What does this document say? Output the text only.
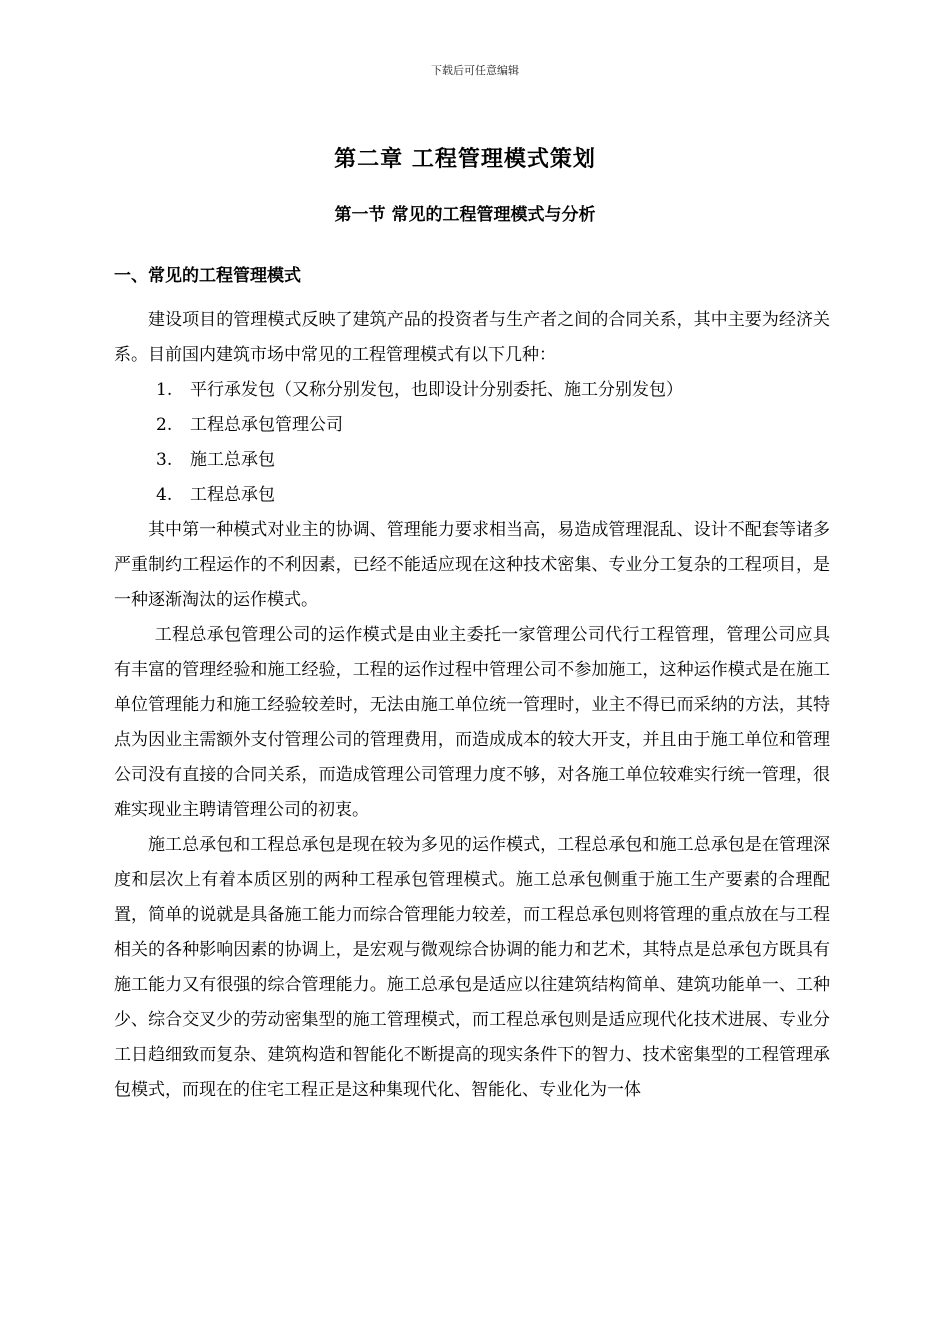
下载后可任意编辑
第二章 工程管理模式策划
第一节 常见的工程管理模式与分析
一、常见的工程管理模式

建设项目的管理模式反映了建筑产品的投资者与生产者之间的合同关系，其中主要为经济关系。目前国内建筑市场中常见的工程管理模式有以下几种：

1. 平行承发包（又称分别发包，也即设计分别委托、施工分别发包）
2. 工程总承包管理公司
3. 施工总承包
4. 工程总承包

其中第一种模式对业主的协调、管理能力要求相当高，易造成管理混乱、设计不配套等诸多严重制约工程运作的不利因素，已经不能适应现在这种技术密集、专业分工复杂的工程项目，是一种逐渐淘汰的运作模式。

工程总承包管理公司的运作模式是由业主委托一家管理公司代行工程管理，管理公司应具有丰富的管理经验和施工经验，工程的运作过程中管理公司不参加施工，这种运作模式是在施工单位管理能力和施工经验较差时，无法由施工单位统一管理时，业主不得已而采纳的方法，其特点为因业主需额外支付管理公司的管理费用，而造成成本的较大开支，并且由于施工单位和管理公司没有直接的合同关系，而造成管理公司管理力度不够，对各施工单位较难实行统一管理，很难实现业主聘请管理公司的初衷。

施工总承包和工程总承包是现在较为多见的运作模式，工程总承包和施工总承包是在管理深度和层次上有着本质区别的两种工程承包管理模式。施工总承包侧重于施工生产要素的合理配置，简单的说就是具备施工能力而综合管理能力较差，而工程总承包则将管理的重点放在与工程相关的各种影响因素的协调上，是宏观与微观综合协调的能力和艺术，其特点是总承包方既具有施工能力又有很强的综合管理能力。施工总承包是适应以往建筑结构简单、建筑功能单一、工种少、综合交叉少的劳动密集型的施工管理模式，而工程总承包则是适应现代化技术进展、专业分工日趋细致而复杂、建筑构造和智能化不断提高的现实条件下的智力、技术密集型的工程管理承包模式，而现在的住宅工程正是这种集现代化、智能化、专业化为一体
